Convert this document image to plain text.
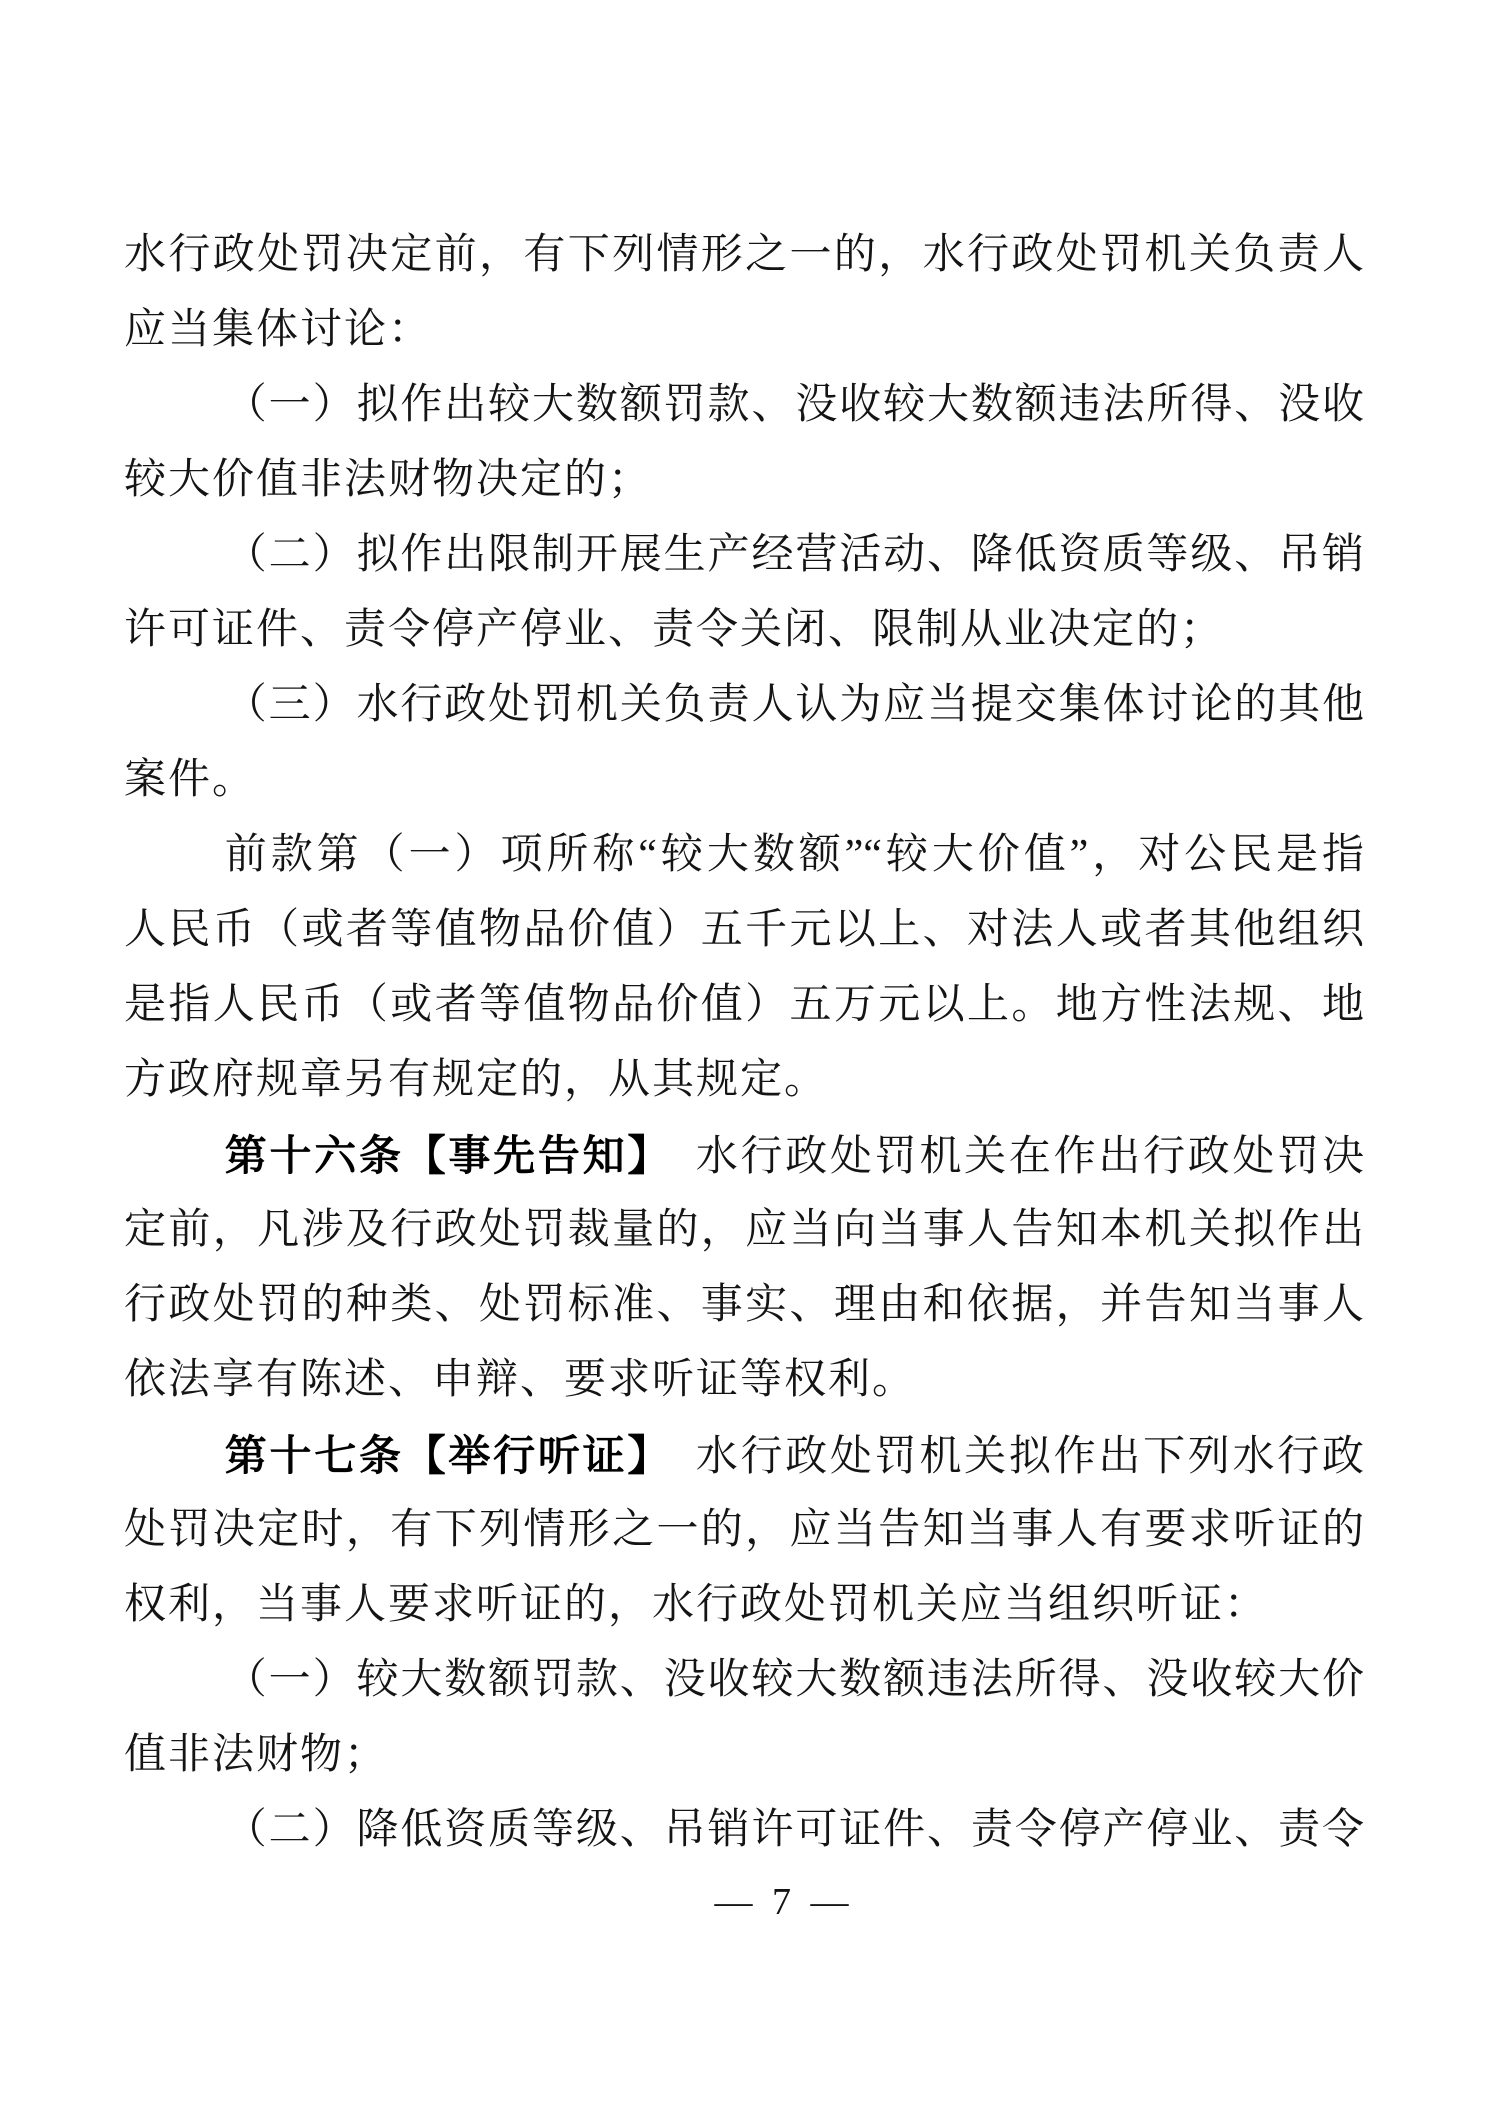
水行政处罚决定前，有下列情形之一的，水行政处罚机关负责人
应当集体讨论：
（一）拟作出较大数额罚款、没收较大数额违法所得、没收
较大价值非法财物决定的；
（二）拟作出限制开展生产经营活动、降低资质等级、吊销
许可证件、责令停产停业、责令关闭、限制从业决定的；
（三）水行政处罚机关负责人认为应当提交集体讨论的其他
案件。
前款第（一）项所称“较大数额”“较大价值”，对公民是指
人民币（或者等值物品价值）五千元以上、对法人或者其他组织
是指人民币（或者等值物品价值）五万元以上。地方性法规、地
方政府规章另有规定的，从其规定。
第十六条【事先告知】　水行政处罚机关在作出行政处罚决
定前，凡涉及行政处罚裁量的，应当向当事人告知本机关拟作出
行政处罚的种类、处罚标准、事实、理由和依据，并告知当事人
依法享有陈述、申辩、要求听证等权利。
第十七条【举行听证】　水行政处罚机关拟作出下列水行政
处罚决定时，有下列情形之一的，应当告知当事人有要求听证的
权利，当事人要求听证的，水行政处罚机关应当组织听证：
（一）较大数额罚款、没收较大数额违法所得、没收较大价
值非法财物；
（二）降低资质等级、吊销许可证件、责令停产停业、责令
— 7 —
